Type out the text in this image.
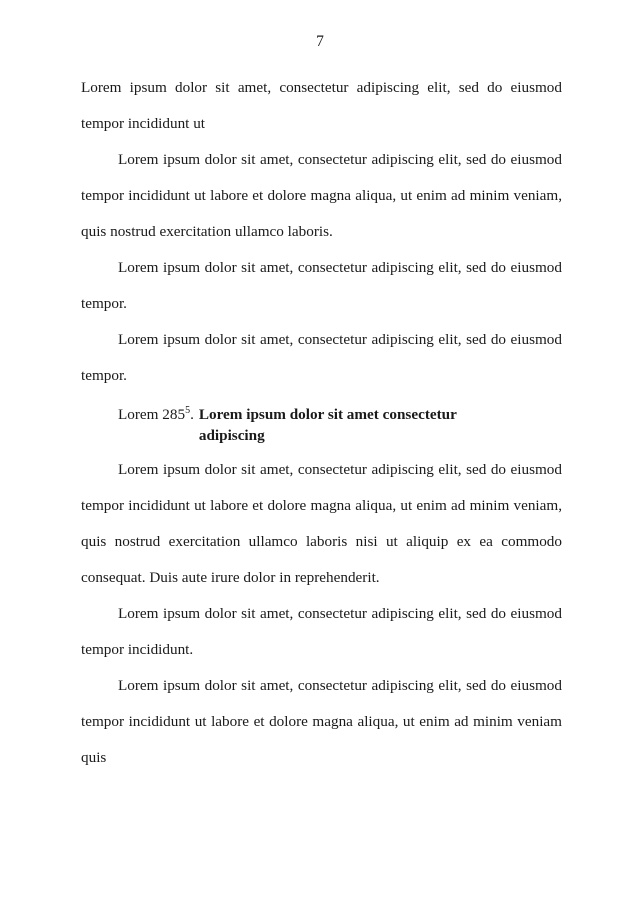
7

Lorem ipsum dolor sit amet, consectetur adipiscing elit, sed do eiusmod tempor incididunt ut

Lorem ipsum dolor sit amet, consectetur adipiscing elit, sed do eiusmod tempor incididunt ut labore et dolore magna aliqua, ut enim ad minim veniam, quis nostrud exercitation ullamco laboris.

Lorem ipsum dolor sit amet, consectetur adipiscing elit, sed do eiusmod tempor.

Lorem ipsum dolor sit amet, consectetur adipiscing elit, sed do eiusmod tempor.

Lorem $285^5$. Lorem ipsum dolor sit amet consectetur adipiscing

Lorem ipsum dolor sit amet, consectetur adipiscing elit, sed do eiusmod tempor incididunt ut labore et dolore magna aliqua, ut enim ad minim veniam, quis nostrud exercitation ullamco laboris nisi ut aliquip ex ea commodo consequat. Duis aute irure dolor in reprehenderit.

Lorem ipsum dolor sit amet, consectetur adipiscing elit, sed do eiusmod tempor incididunt.

Lorem ipsum dolor sit amet, consectetur adipiscing elit, sed do eiusmod tempor incididunt ut labore et dolore magna aliqua, ut enim ad minim veniam quis
